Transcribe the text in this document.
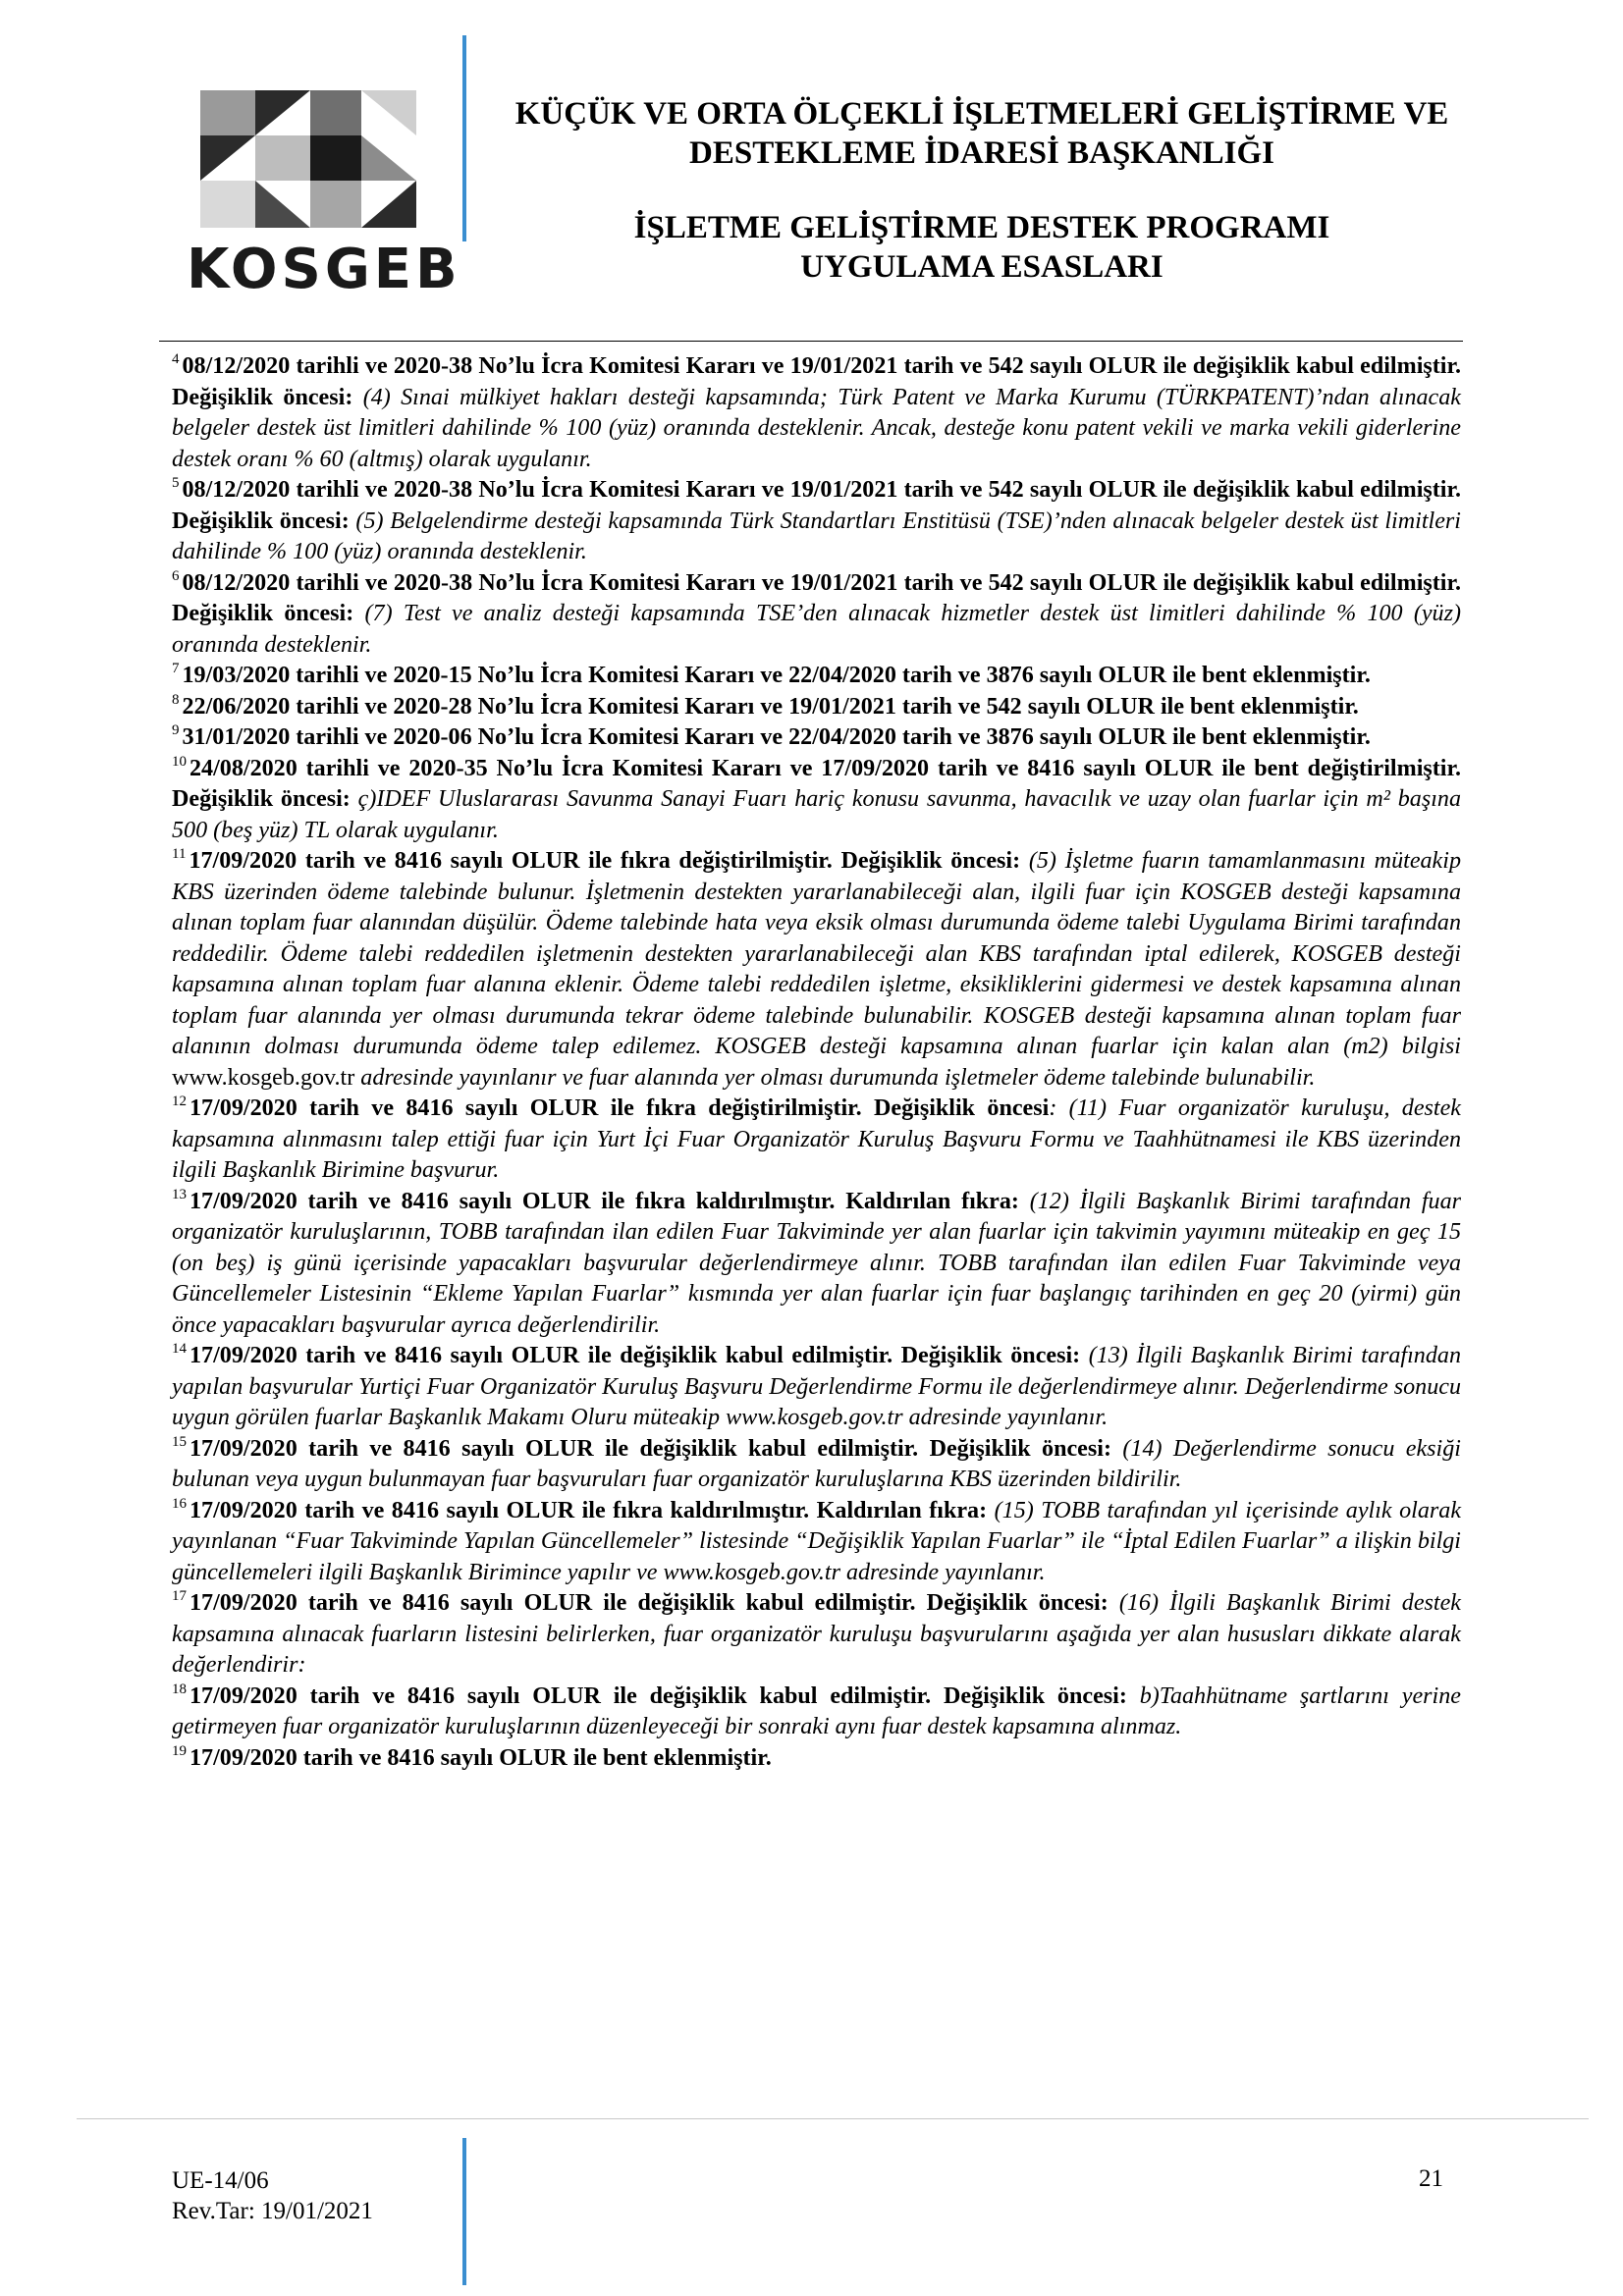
KOSGEB
KÜÇÜK VE ORTA ÖLÇEKLİ İŞLETMELERİ GELİŞTİRME VE
DESTEKLEME İDARESİ BAŞKANLIĞI
İŞLETME GELİŞTİRME DESTEK PROGRAMI
UYGULAMA ESASLARI

$^4$ 08/12/2020 tarihli ve 2020-38 No’lu İcra Komitesi Kararı ve 19/01/2021 tarih ve 542 sayılı OLUR ile değişiklik kabul edilmiştir. Değişiklik öncesi: (4) Sınai mülkiyet hakları desteği kapsamında; Türk Patent ve Marka Kurumu (TÜRKPATENT)’ndan alınacak belgeler destek üst limitleri dahilinde % 100 (yüz) oranında desteklenir. Ancak, desteğe konu patent vekili ve marka vekili giderlerine destek oranı % 60 (altmış) olarak uygulanır.

$^5$ 08/12/2020 tarihli ve 2020-38 No’lu İcra Komitesi Kararı ve 19/01/2021 tarih ve 542 sayılı OLUR ile değişiklik kabul edilmiştir. Değişiklik öncesi: (5) Belgelendirme desteği kapsamında Türk Standartları Enstitüsü (TSE)’nden alınacak belgeler destek üst limitleri dahilinde % 100 (yüz) oranında desteklenir.

$^6$ 08/12/2020 tarihli ve 2020-38 No’lu İcra Komitesi Kararı ve 19/01/2021 tarih ve 542 sayılı OLUR ile değişiklik kabul edilmiştir. Değişiklik öncesi: (7) Test ve analiz desteği kapsamında TSE’den alınacak hizmetler destek üst limitleri dahilinde % 100 (yüz) oranında desteklenir.

$^7$ 19/03/2020 tarihli ve 2020-15 No’lu İcra Komitesi Kararı ve 22/04/2020 tarih ve 3876 sayılı OLUR ile bent eklenmiştir.

$^8$ 22/06/2020 tarihli ve 2020-28 No’lu İcra Komitesi Kararı ve 19/01/2021 tarih ve 542 sayılı OLUR ile bent eklenmiştir.

$^9$ 31/01/2020 tarihli ve 2020-06 No’lu İcra Komitesi Kararı ve 22/04/2020 tarih ve 3876 sayılı OLUR ile bent eklenmiştir.

$^{10}$ 24/08/2020 tarihli ve 2020-35 No’lu İcra Komitesi Kararı ve 17/09/2020 tarih ve 8416 sayılı OLUR ile bent değiştirilmiştir. Değişiklik öncesi: ç)IDEF Uluslararası Savunma Sanayi Fuarı hariç konusu savunma, havacılık ve uzay olan fuarlar için m² başına 500 (beş yüz) TL olarak uygulanır.

$^{11}$ 17/09/2020 tarih ve 8416 sayılı OLUR ile fıkra değiştirilmiştir. Değişiklik öncesi: (5) İşletme fuarın tamamlanmasını müteakip KBS üzerinden ödeme talebinde bulunur. İşletmenin destekten yararlanabileceği alan, ilgili fuar için KOSGEB desteği kapsamına alınan toplam fuar alanından düşülür. Ödeme talebinde hata veya eksik olması durumunda ödeme talebi Uygulama Birimi tarafından reddedilir. Ödeme talebi reddedilen işletmenin destekten yararlanabileceği alan KBS tarafından iptal edilerek, KOSGEB desteği kapsamına alınan toplam fuar alanına eklenir. Ödeme talebi reddedilen işletme, eksikliklerini gidermesi ve destek kapsamına alınan toplam fuar alanında yer olması durumunda tekrar ödeme talebinde bulunabilir. KOSGEB desteği kapsamına alınan toplam fuar alanının dolması durumunda ödeme talep edilemez. KOSGEB desteği kapsamına alınan fuarlar için kalan alan (m2) bilgisi www.kosgeb.gov.tr adresinde yayınlanır ve fuar alanında yer olması durumunda işletmeler ödeme talebinde bulunabilir.

$^{12}$ 17/09/2020 tarih ve 8416 sayılı OLUR ile fıkra değiştirilmiştir. Değişiklik öncesi: (11) Fuar organizatör kuruluşu, destek kapsamına alınmasını talep ettiği fuar için Yurt İçi Fuar Organizatör Kuruluş Başvuru Formu ve Taahhütnamesi ile KBS üzerinden ilgili Başkanlık Birimine başvurur.

$^{13}$ 17/09/2020 tarih ve 8416 sayılı OLUR ile fıkra kaldırılmıştır. Kaldırılan fıkra: (12) İlgili Başkanlık Birimi tarafından fuar organizatör kuruluşlarının, TOBB tarafından ilan edilen Fuar Takviminde yer alan fuarlar için takvimin yayımını müteakip en geç 15 (on beş) iş günü içerisinde yapacakları başvurular değerlendirmeye alınır. TOBB tarafından ilan edilen Fuar Takviminde veya Güncellemeler Listesinin “Ekleme Yapılan Fuarlar” kısmında yer alan fuarlar için fuar başlangıç tarihinden en geç 20 (yirmi) gün önce yapacakları başvurular ayrıca değerlendirilir.

$^{14}$ 17/09/2020 tarih ve 8416 sayılı OLUR ile değişiklik kabul edilmiştir. Değişiklik öncesi: (13) İlgili Başkanlık Birimi tarafından yapılan başvurular Yurtiçi Fuar Organizatör Kuruluş Başvuru Değerlendirme Formu ile değerlendirmeye alınır. Değerlendirme sonucu uygun görülen fuarlar Başkanlık Makamı Oluru müteakip www.kosgeb.gov.tr adresinde yayınlanır.

$^{15}$ 17/09/2020 tarih ve 8416 sayılı OLUR ile değişiklik kabul edilmiştir. Değişiklik öncesi: (14) Değerlendirme sonucu eksiği bulunan veya uygun bulunmayan fuar başvuruları fuar organizatör kuruluşlarına KBS üzerinden bildirilir.

$^{16}$ 17/09/2020 tarih ve 8416 sayılı OLUR ile fıkra kaldırılmıştır. Kaldırılan fıkra: (15) TOBB tarafından yıl içerisinde aylık olarak yayınlanan “Fuar Takviminde Yapılan Güncellemeler” listesinde “Değişiklik Yapılan Fuarlar” ile “İptal Edilen Fuarlar” a ilişkin bilgi güncellemeleri ilgili Başkanlık Birimince yapılır ve www.kosgeb.gov.tr adresinde yayınlanır.

$^{17}$ 17/09/2020 tarih ve 8416 sayılı OLUR ile değişiklik kabul edilmiştir. Değişiklik öncesi: (16) İlgili Başkanlık Birimi destek kapsamına alınacak fuarların listesini belirlerken, fuar organizatör kuruluşu başvurularını aşağıda yer alan hususları dikkate alarak değerlendirir:

$^{18}$ 17/09/2020 tarih ve 8416 sayılı OLUR ile değişiklik kabul edilmiştir. Değişiklik öncesi: b)Taahhütname şartlarını yerine getirmeyen fuar organizatör kuruluşlarının düzenleyeceği bir sonraki aynı fuar destek kapsamına alınmaz.

$^{19}$ 17/09/2020 tarih ve 8416 sayılı OLUR ile bent eklenmiştir.

UE-14/06
Rev.Tar: 19/01/2021
21
